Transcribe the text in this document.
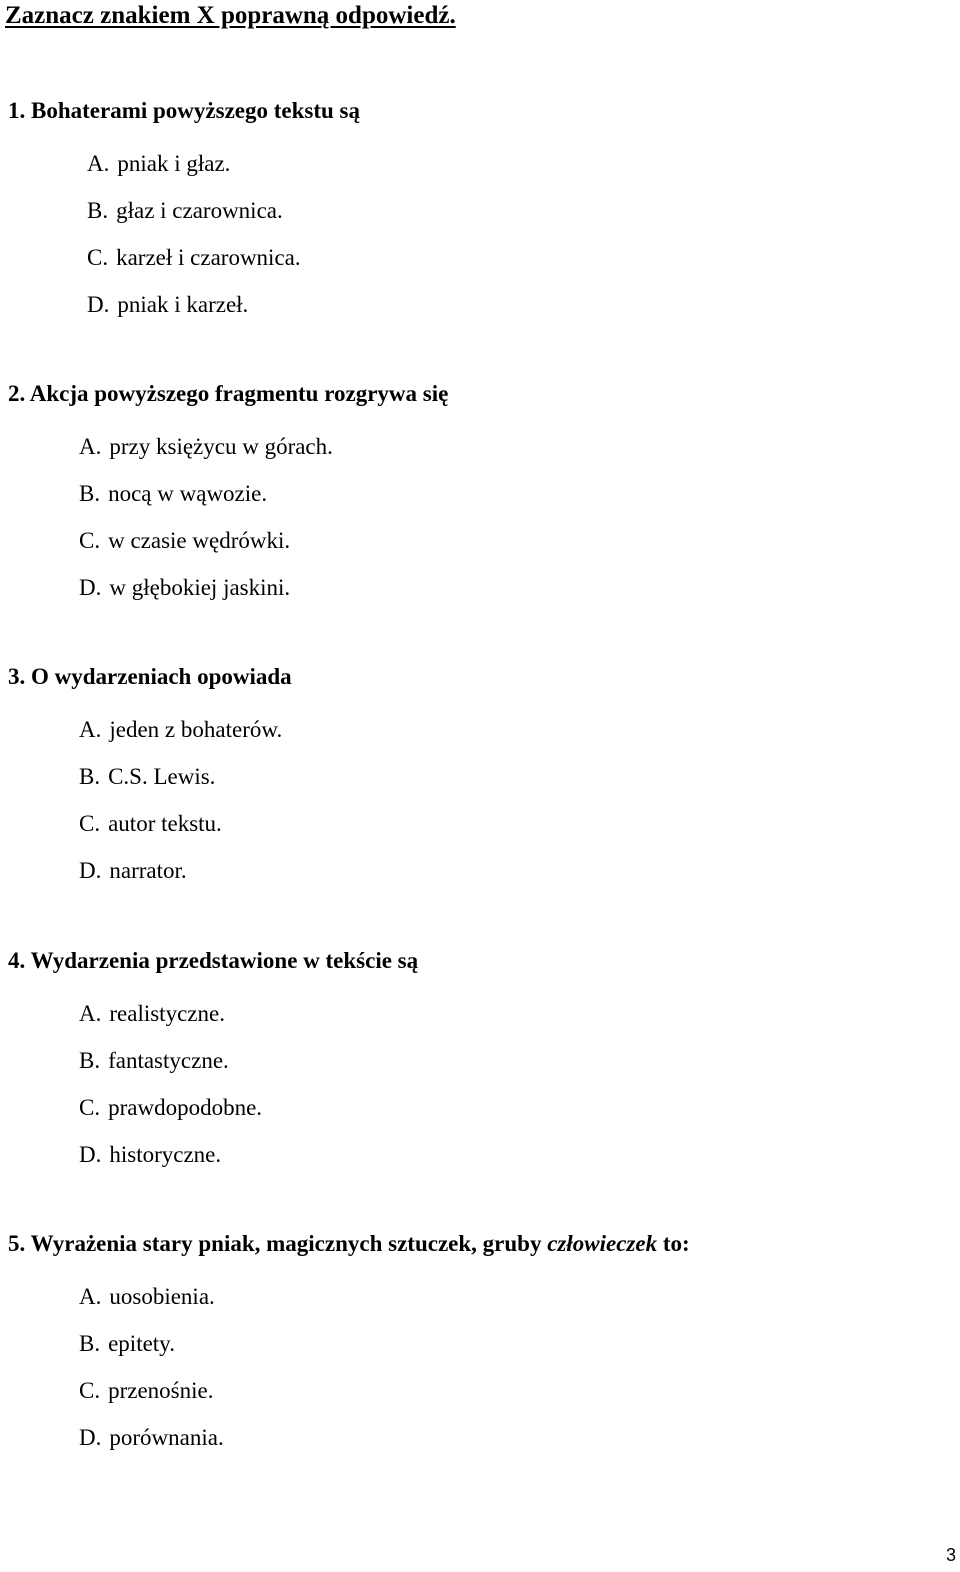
Zaznacz znakiem X poprawną odpowiedź.
1. Bohaterami powyższego tekstu są
A. pniak i głaz.
B. głaz i czarownica.
C. karzeł i czarownica.
D. pniak i karzeł.
2. Akcja powyższego fragmentu rozgrywa się
A. przy księżycu w górach.
B. nocą w wąwozie.
C. w czasie wędrówki.
D. w głębokiej jaskini.
3. O wydarzeniach opowiada
A. jeden z bohaterów.
B. C.S. Lewis.
C. autor tekstu.
D. narrator.
4. Wydarzenia przedstawione w tekście są
A. realistyczne.
B. fantastyczne.
C. prawdopodobne.
D. historyczne.
5. Wyrażenia stary pniak, magicznych sztuczek, gruby człowieczek to:
A. uosobienia.
B. epitety.
C. przenośnie.
D. porównania.
3
